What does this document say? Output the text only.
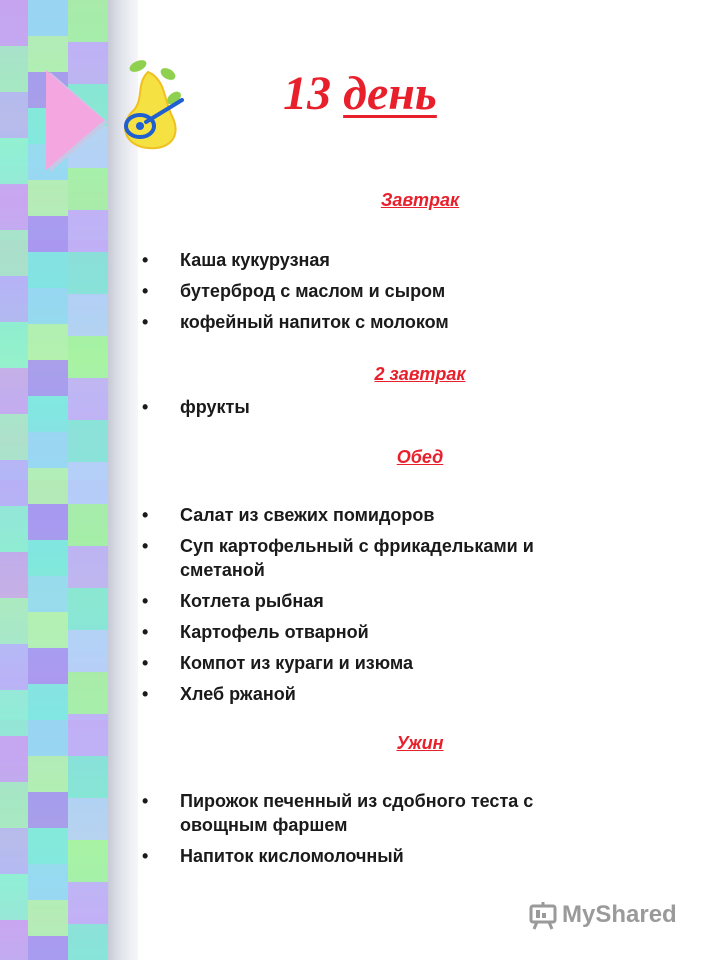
13 день
Завтрак
• Каша кукурузная
• бутерброд с маслом и сыром
• кофейный напиток с молоком
2 завтрак
• фрукты
Обед
• Салат из свежих помидоров
• Суп картофельный с фрикадельками и сметаной
• Котлета рыбная
• Картофель отварной
• Компот из кураги и изюма
• Хлеб ржаной
Ужин
• Пирожок печенный из сдобного теста с овощным фаршем
• Напиток кисломолочный
MyShared
